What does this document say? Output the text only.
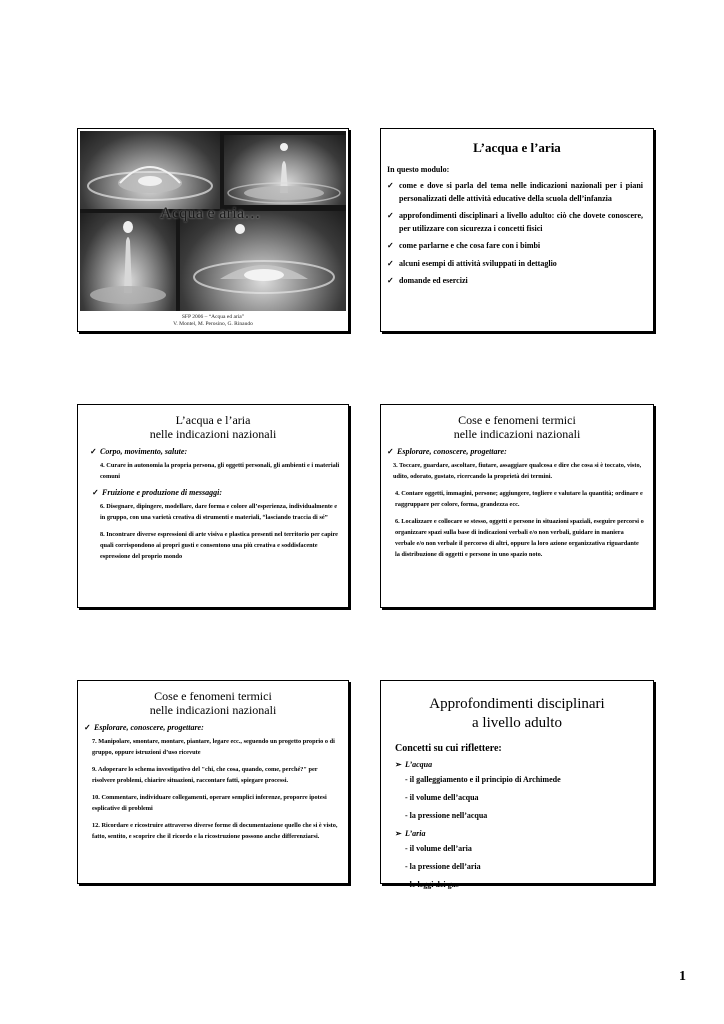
Acqua e aria…
SFP 2006 – “Acqua ed aria”
V. Montel, M. Perosino, G. Rinaudo
L’acqua e l’aria
In questo modulo:
✓ come e dove si parla del tema nelle indicazioni nazionali per i piani personalizzati delle attività educative della scuola dell’infanzia
✓ approfondimenti disciplinari a livello adulto: ciò che dovete conoscere, per utilizzare con sicurezza i concetti fisici
✓ come parlarne e che cosa fare con i bimbi
✓ alcuni esempi di attività sviluppati in dettaglio
✓ domande ed esercizi
L’acqua e l’aria
nelle indicazioni nazionali
✓ Corpo, movimento, salute:
4. Curare in autonomia la propria persona, gli oggetti personali, gli ambienti e i materiali comuni
✓ Fruizione e produzione di messaggi:
6. Disegnare, dipingere, modellare, dare forma e colore all’esperienza, individualmente e in gruppo, con una varietà creativa di strumenti e materiali, “lasciando traccia di sé”
8. Incontrare diverse espressioni di arte visiva e plastica presenti nel territorio per capire quali corrispondono ai propri gusti e consentono una più creativa e soddisfacente espressione del proprio mondo
Cose e fenomeni termici
nelle indicazioni nazionali
✓ Esplorare, conoscere, progettare:
3. Toccare, guardare, ascoltare, fiutare, assaggiare qualcosa e dire che cosa si è toccato, visto, udito, odorato, gustato, ricercando la proprietà dei termini.
4. Contare oggetti, immagini, persone; aggiungere, togliere e valutare la quantità; ordinare e raggruppare per colore, forma, grandezza ecc.
6. Localizzare e collocare se stesso, oggetti e persone in situazioni spaziali, eseguire percorsi o organizzare spazi sulla base di indicazioni verbali e/o non verbali, guidare in maniera verbale e/o non verbale il percorso di altri, oppure la loro azione organizzativa riguardante la distribuzione di oggetti e persone in uno spazio noto.
Cose e fenomeni termici
nelle indicazioni nazionali
✓ Esplorare, conoscere, progettare:
7. Manipolare, smontare, montare, piantare, legare ecc., seguendo un progetto proprio o di gruppo, oppure istruzioni d’uso ricevute
9. Adoperare lo schema investigativo del "chi, che cosa, quando, come, perché?" per risolvere problemi, chiarire situazioni, raccontare fatti, spiegare processi.
10. Commentare, individuare collegamenti, operare semplici inferenze, proporre ipotesi esplicative di problemi
12. Ricordare e ricostruire attraverso diverse forme di documentazione quello che si è visto, fatto, sentito, e scoprire che il ricordo e la ricostruzione possono anche differenziarsi.
Approfondimenti disciplinari
a livello adulto
Concetti su cui riflettere:
➢ L’acqua
- il galleggiamento e il principio di Archimede
- il volume dell’acqua
- la pressione nell’acqua
➢ L’aria
- il volume dell’aria
- la pressione dell’aria
- le leggi dei gas
1
